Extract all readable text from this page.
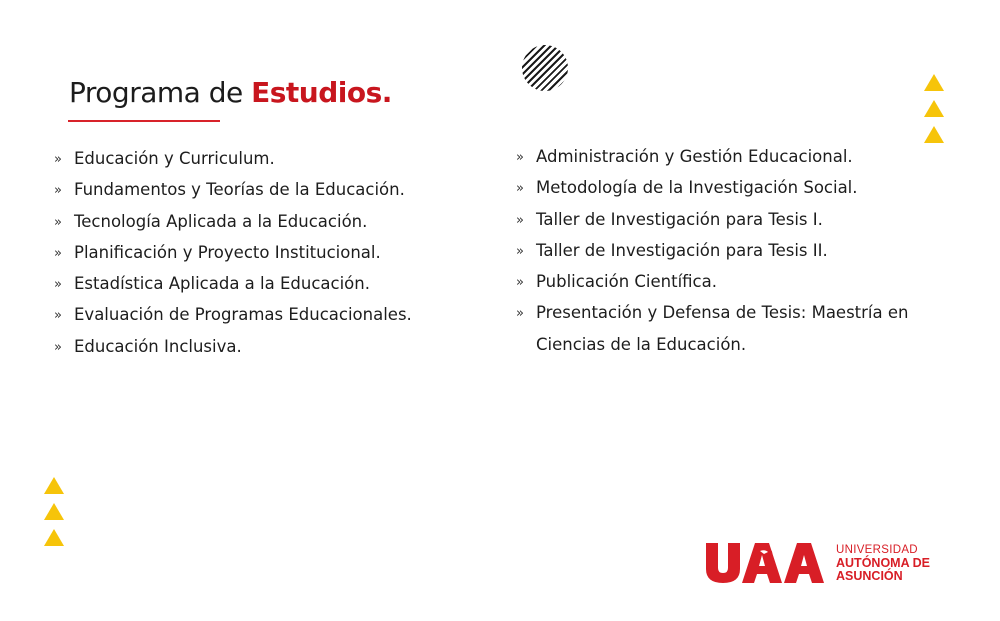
Programa de Estudios.
» Educación y Curriculum.
» Fundamentos y Teorías de la Educación.
» Tecnología Aplicada a la Educación.
» Planificación y Proyecto Institucional.
» Estadística Aplicada a la Educación.
» Evaluación de Programas Educacionales.
» Educación Inclusiva.
» Administración y Gestión Educacional.
» Metodología de la Investigación Social.
» Taller de Investigación para Tesis I.
» Taller de Investigación para Tesis II.
» Publicación Científica.
» Presentación y Defensa de Tesis: Maestría en Ciencias de la Educación.
UNIVERSIDAD
AUTÓNOMA DE
ASUNCIÓN
